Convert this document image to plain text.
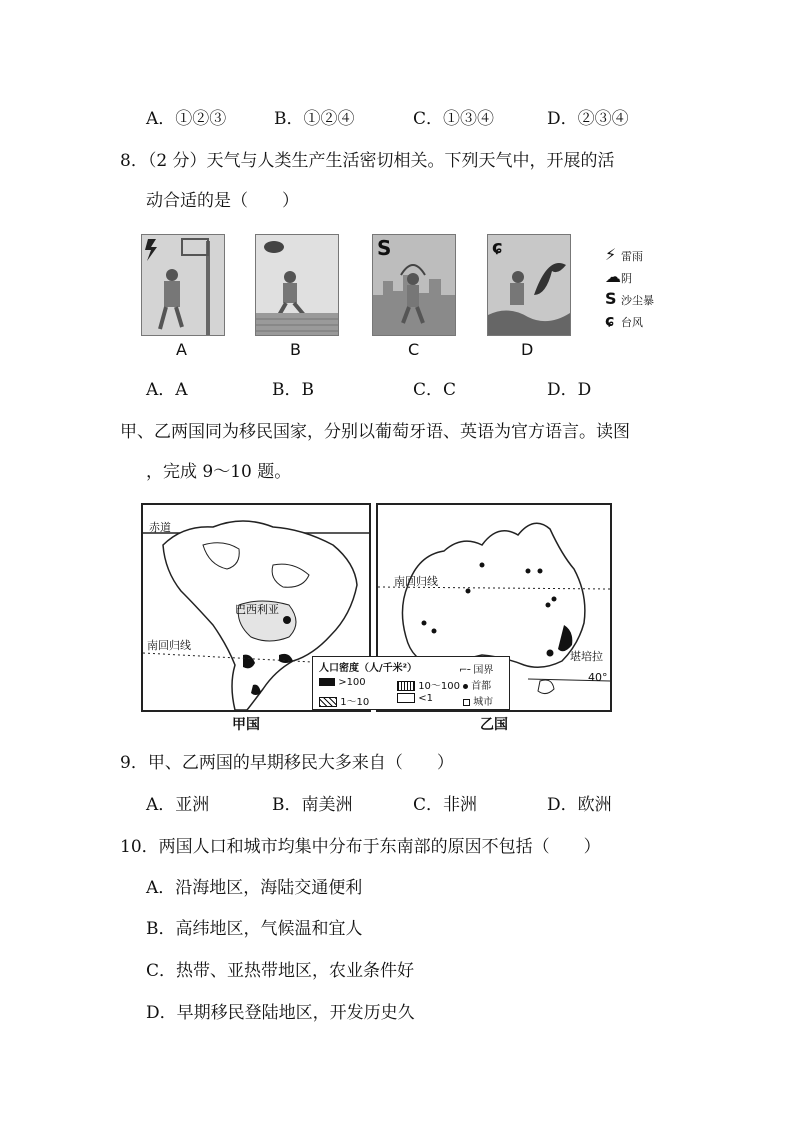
A．①②③	B．①②④	C．①③④	D．②③④
8．（2 分）天气与人类生产生活密切相关。下列天气中，开展的活
动合适的是（　　）
S	ɕ
A	B	C	D
⚡ 雷雨
☁阴
S 沙尘暴
ɕ 台风
A．A	B．B	C．C	D．D
甲、乙两国同为移民国家，分别以葡萄牙语、英语为官方语言。读图
，完成 9～10 题。
赤道
巴西利亚
南回归线
南回归线
堪培拉
40°
人口密度（人/千米²）
>100	10～100
1～10	<1
⌐╴国界
首都
城市
甲国	乙国
9．甲、乙两国的早期移民大多来自（　　）
A．亚洲	B．南美洲	C．非洲	D．欧洲
10．两国人口和城市均集中分布于东南部的原因不包括（　　）
A．沿海地区，海陆交通便利
B．高纬地区，气候温和宜人
C．热带、亚热带地区，农业条件好
D．早期移民登陆地区，开发历史久
